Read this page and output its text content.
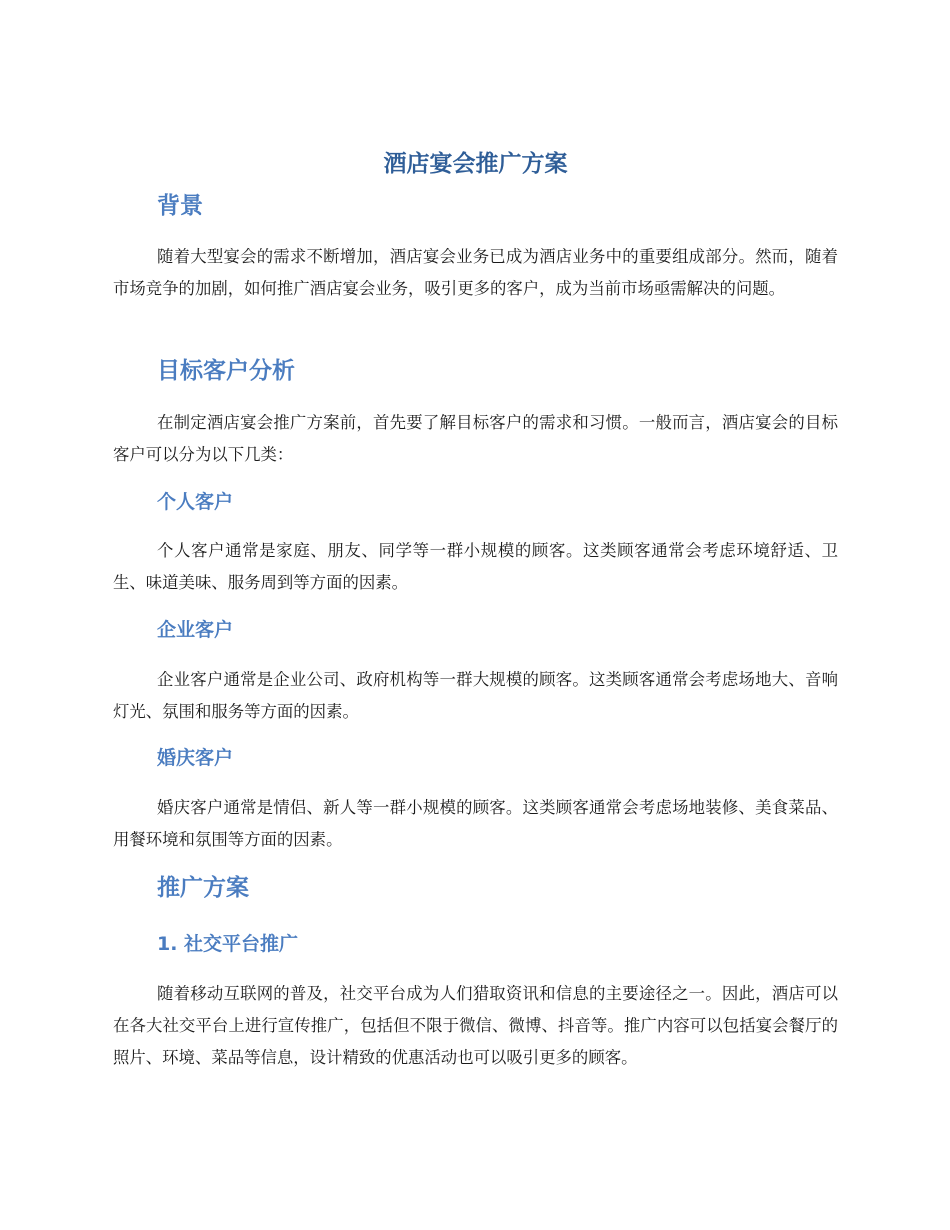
酒店宴会推广方案
背景

随着大型宴会的需求不断增加，酒店宴会业务已成为酒店业务中的重要组成部分。然而，随着市场竞争的加剧，如何推广酒店宴会业务，吸引更多的客户，成为当前市场亟需解决的问题。

目标客户分析

在制定酒店宴会推广方案前，首先要了解目标客户的需求和习惯。一般而言，酒店宴会的目标客户可以分为以下几类：

个人客户

个人客户通常是家庭、朋友、同学等一群小规模的顾客。这类顾客通常会考虑环境舒适、卫生、味道美味、服务周到等方面的因素。

企业客户

企业客户通常是企业公司、政府机构等一群大规模的顾客。这类顾客通常会考虑场地大、音响灯光、氛围和服务等方面的因素。

婚庆客户

婚庆客户通常是情侣、新人等一群小规模的顾客。这类顾客通常会考虑场地装修、美食菜品、用餐环境和氛围等方面的因素。

推广方案
1. 社交平台推广

随着移动互联网的普及，社交平台成为人们猎取资讯和信息的主要途径之一。因此，酒店可以在各大社交平台上进行宣传推广，包括但不限于微信、微博、抖音等。推广内容可以包括宴会餐厅的照片、环境、菜品等信息，设计精致的优惠活动也可以吸引更多的顾客。
